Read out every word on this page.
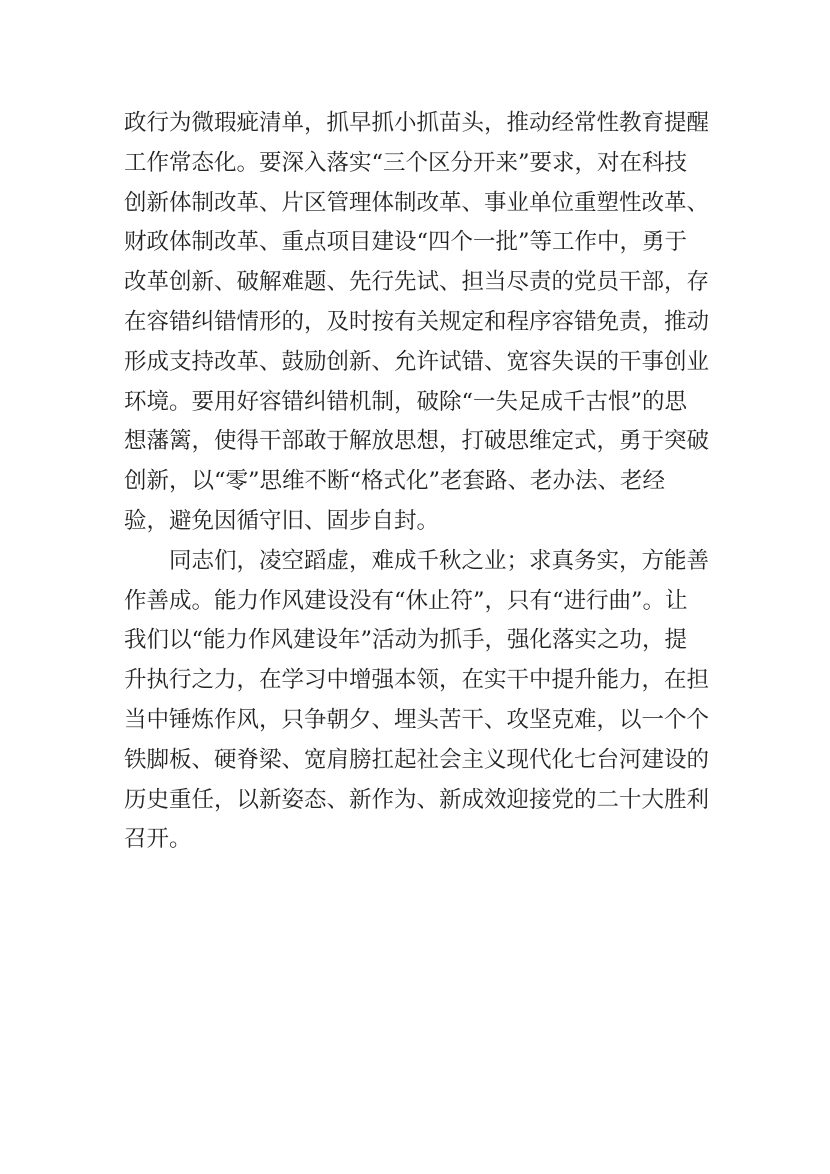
政行为微瑕疵清单，抓早抓小抓苗头，推动经常性教育提醒
工作常态化。要深入落实“三个区分开来”要求，对在科技
创新体制改革、片区管理体制改革、事业单位重塑性改革、
财政体制改革、重点项目建设“四个一批”等工作中，勇于
改革创新、破解难题、先行先试、担当尽责的党员干部，存
在容错纠错情形的，及时按有关规定和程序容错免责，推动
形成支持改革、鼓励创新、允许试错、宽容失误的干事创业
环境。要用好容错纠错机制，破除“一失足成千古恨”的思
想藩篱，使得干部敢于解放思想，打破思维定式，勇于突破
创新，以“零”思维不断“格式化”老套路、老办法、老经
验，避免因循守旧、固步自封。
　　同志们，凌空蹈虚，难成千秋之业；求真务实，方能善
作善成。能力作风建设没有“休止符”，只有“进行曲”。让
我们以“能力作风建设年”活动为抓手，强化落实之功，提
升执行之力，在学习中增强本领，在实干中提升能力，在担
当中锤炼作风，只争朝夕、埋头苦干、攻坚克难，以一个个
铁脚板、硬脊梁、宽肩膀扛起社会主义现代化七台河建设的
历史重任，以新姿态、新作为、新成效迎接党的二十大胜利
召开。
